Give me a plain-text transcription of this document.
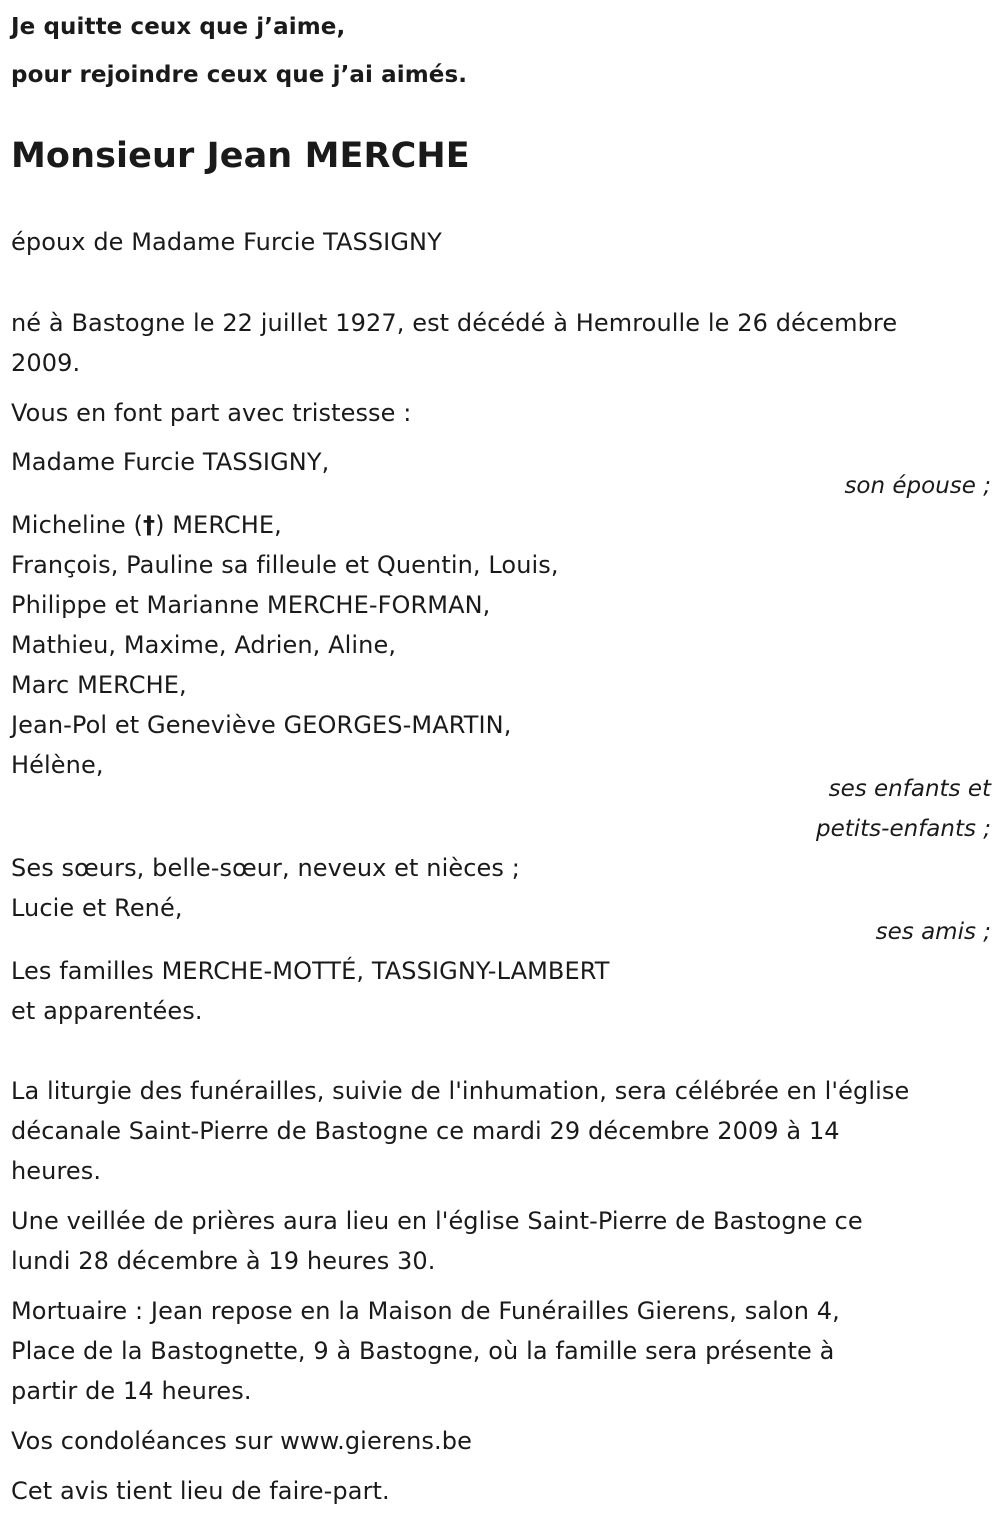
Je quitte ceux que j’aime,
pour rejoindre ceux que j’ai aimés.
Monsieur Jean MERCHE
époux de Madame Furcie TASSIGNY
né à Bastogne le 22 juillet 1927, est décédé à Hemroulle le 26 décembre
2009.
Vous en font part avec tristesse :
Madame Furcie TASSIGNY,
son épouse ;
Micheline (†) MERCHE,
François, Pauline sa filleule et Quentin, Louis,
Philippe et Marianne MERCHE-FORMAN,
Mathieu, Maxime, Adrien, Aline,
Marc MERCHE,
Jean-Pol et Geneviève GEORGES-MARTIN,
Hélène,
ses enfants et
petits-enfants ;
Ses sœurs, belle-sœur, neveux et nièces ;
Lucie et René,
ses amis ;
Les familles MERCHE-MOTTÉ, TASSIGNY-LAMBERT
et apparentées.
La liturgie des funérailles, suivie de l'inhumation, sera célébrée en l'église
décanale Saint-Pierre de Bastogne ce mardi 29 décembre 2009 à 14
heures.
Une veillée de prières aura lieu en l'église Saint-Pierre de Bastogne ce
lundi 28 décembre à 19 heures 30.
Mortuaire : Jean repose en la Maison de Funérailles Gierens, salon 4,
Place de la Bastognette, 9 à Bastogne, où la famille sera présente à
partir de 14 heures.
Vos condoléances sur www.gierens.be
Cet avis tient lieu de faire-part.
